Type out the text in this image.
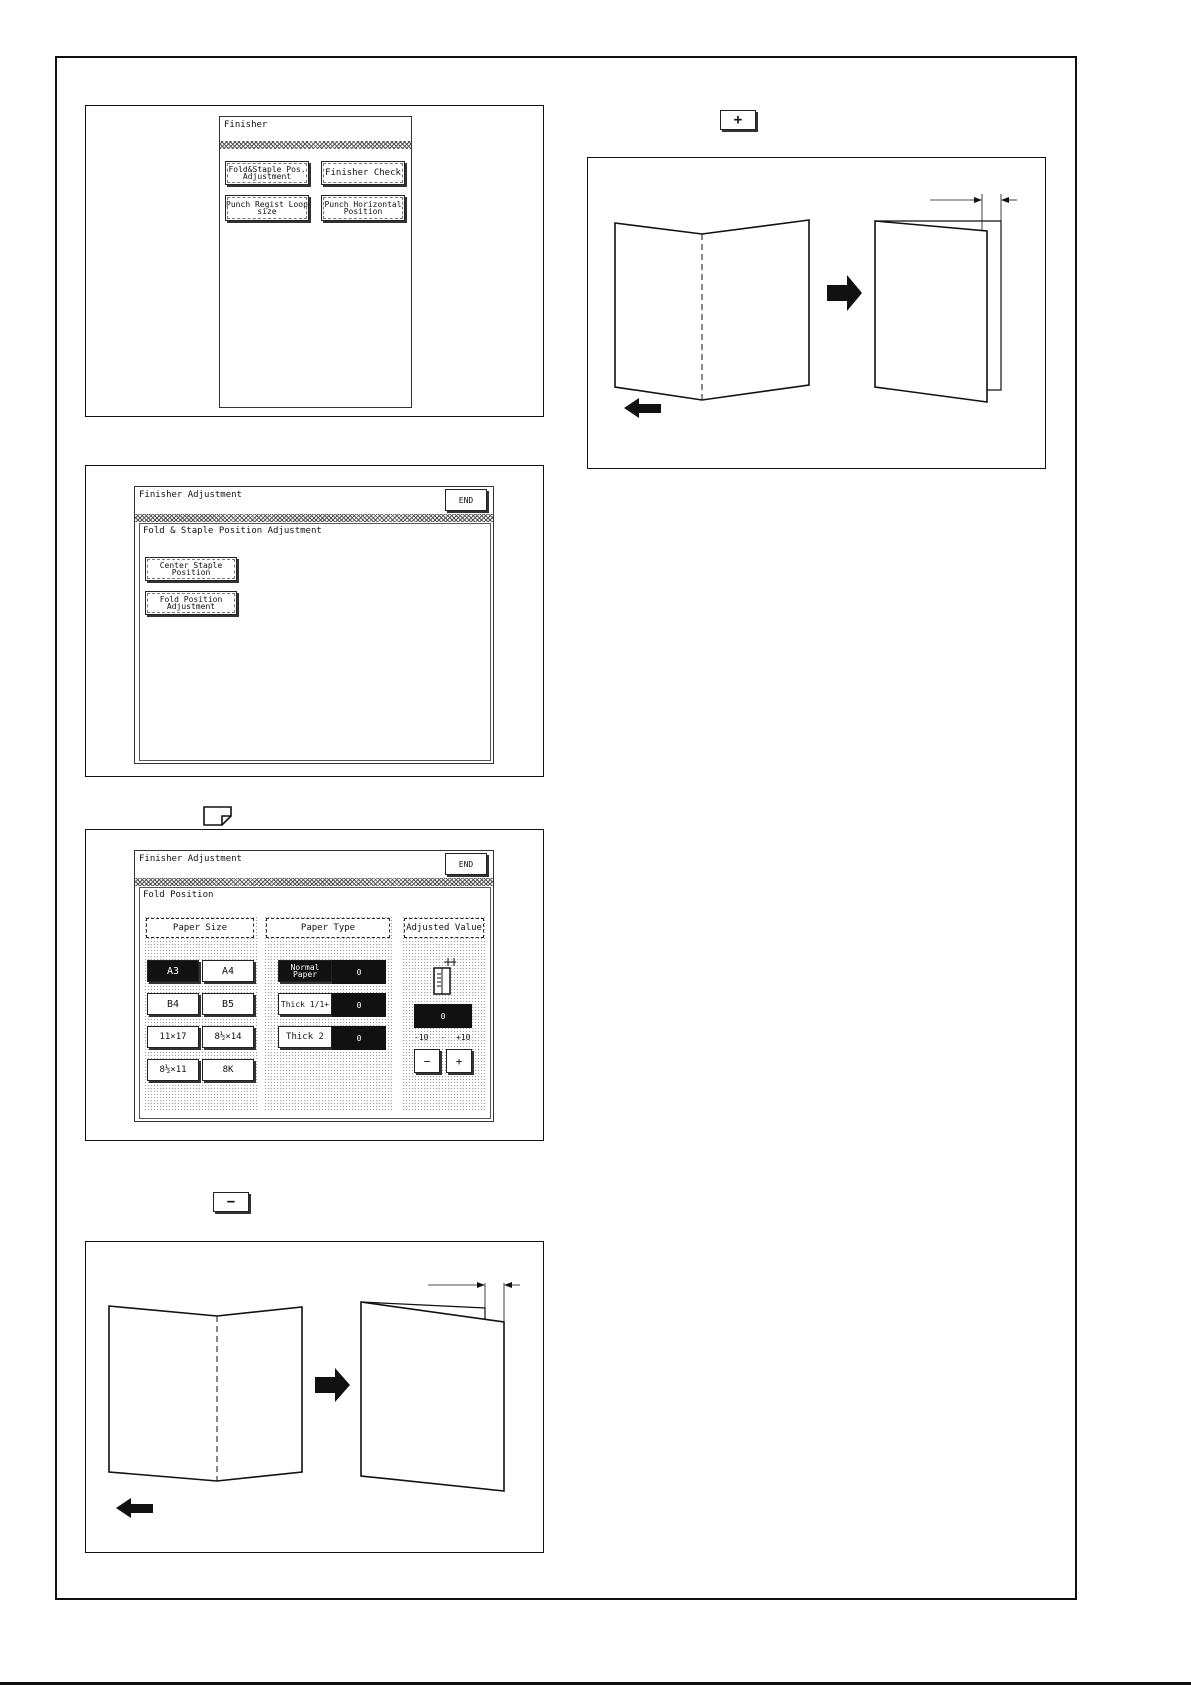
Finisher
Fold&Staple Pos. Adjustment	Finisher Check
Punch Regist Loop size
Punch Horizontal Position
Finisher Adjustment	END
Fold & Staple Position Adjustment
Center Staple Position
Fold Position Adjustment
Finisher Adjustment	END
Fold Position
Paper Size
A3	A4
B4	B5
11×17	8½×14
8½×11	8K
Paper Type
Normal Paper	0
Thick 1/1+	0
Thick 2	0
Adjusted Value
0
-10 - +10
−	+
−
+
